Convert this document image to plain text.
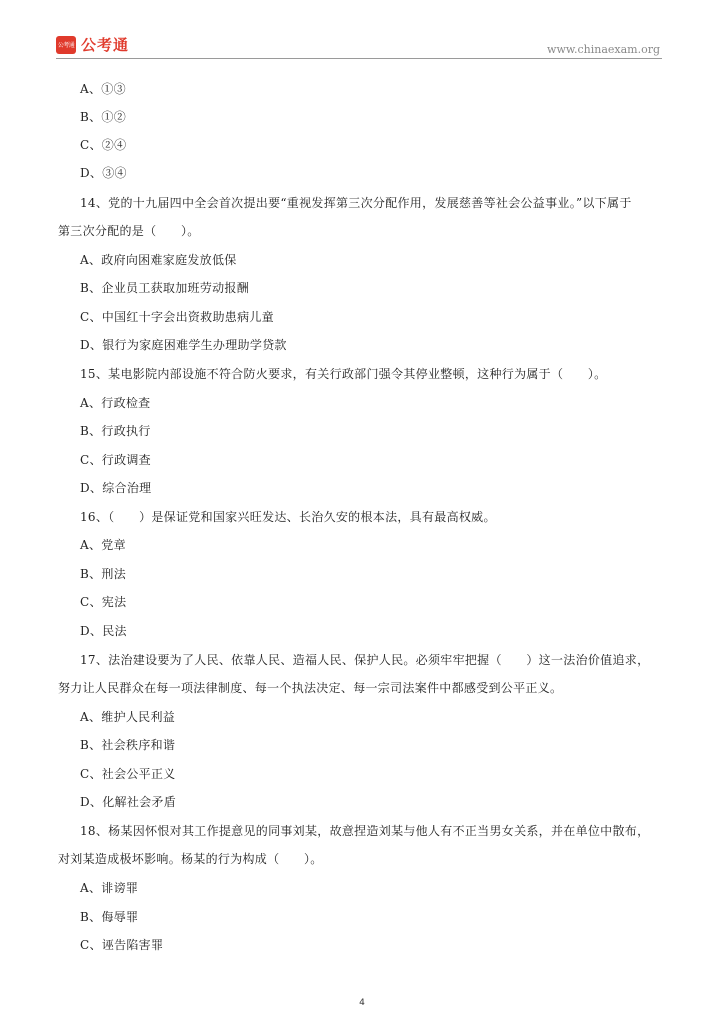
公考通 公考通	www.chinaexam.org
A、①③
B、①②
C、②④
D、③④
14、党的十九届四中全会首次提出要“重视发挥第三次分配作用，发展慈善等社会公益事业。”以下属于
第三次分配的是（　　）。
A、政府向困难家庭发放低保
B、企业员工获取加班劳动报酬
C、中国红十字会出资救助患病儿童
D、银行为家庭困难学生办理助学贷款
15、某电影院内部设施不符合防火要求，有关行政部门强令其停业整顿，这种行为属于（　　）。
A、行政检查
B、行政执行
C、行政调查
D、综合治理
16、（　　）是保证党和国家兴旺发达、长治久安的根本法，具有最高权威。
A、党章
B、刑法
C、宪法
D、民法
17、法治建设要为了人民、依靠人民、造福人民、保护人民。必须牢牢把握（　　）这一法治价值追求，
努力让人民群众在每一项法律制度、每一个执法决定、每一宗司法案件中都感受到公平正义。
A、维护人民利益
B、社会秩序和谐
C、社会公平正义
D、化解社会矛盾
18、杨某因怀恨对其工作提意见的同事刘某，故意捏造刘某与他人有不正当男女关系，并在单位中散布，
对刘某造成极坏影响。杨某的行为构成（　　）。
A、诽谤罪
B、侮辱罪
C、诬告陷害罪
4
